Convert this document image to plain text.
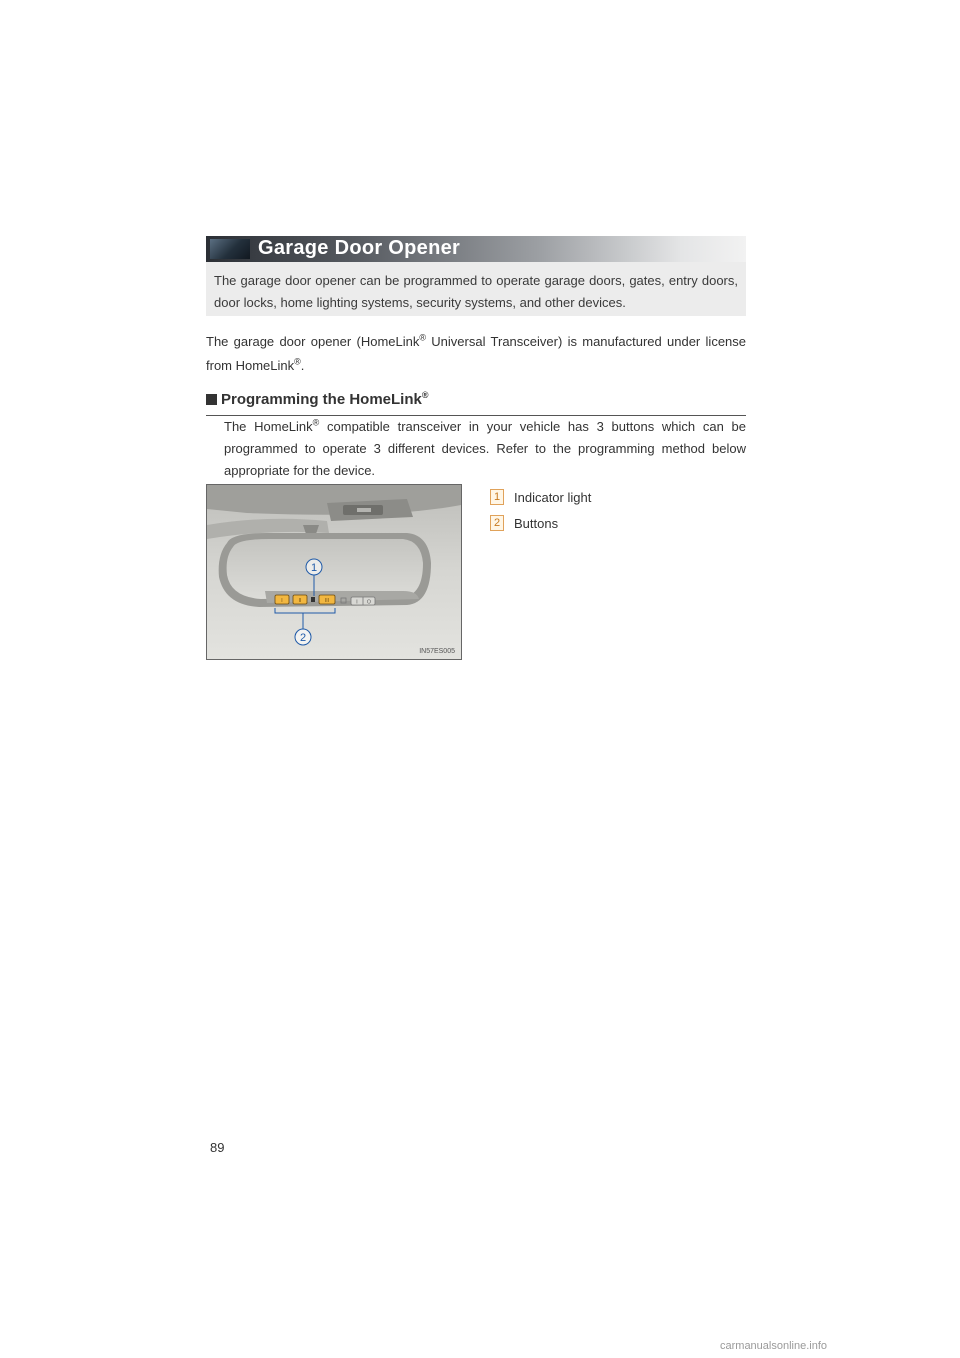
Garage Door Opener
The garage door opener can be programmed to operate garage doors, gates, entry doors, door locks, home lighting systems, security systems, and other devices.
The garage door opener (HomeLink® Universal Transceiver) is manufactured under license from HomeLink®.
Programming the HomeLink®
The HomeLink® compatible transceiver in your vehicle has 3 buttons which can be programmed to operate 3 different devices. Refer to the programming method below appropriate for the device.
I	II	III	I O
1
2
IN57ES005
1	Indicator light
2	Buttons
89
carmanualsonline.info
